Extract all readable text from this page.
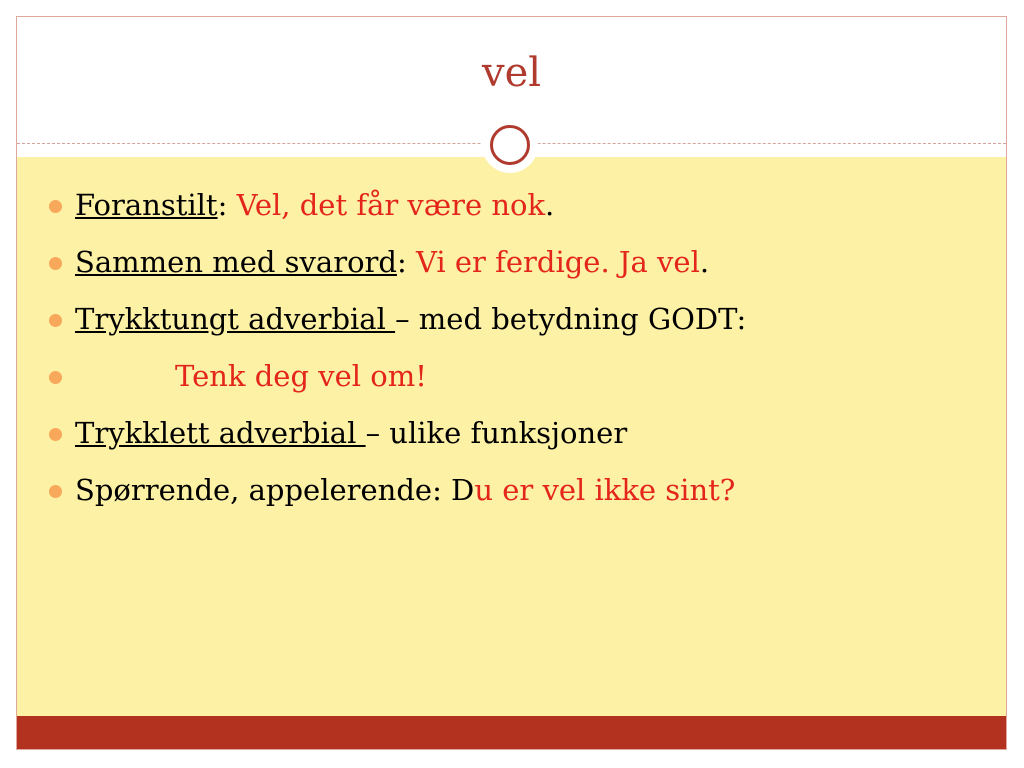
vel
Foranstilt: Vel, det får være nok.
Sammen med svarord: Vi er ferdige. Ja vel.
Trykktungt adverbial – med betydning GODT:
Tenk deg vel om!
Trykklett adverbial – ulike funksjoner
Spørrende, appelerende: Du er vel ikke sint?
